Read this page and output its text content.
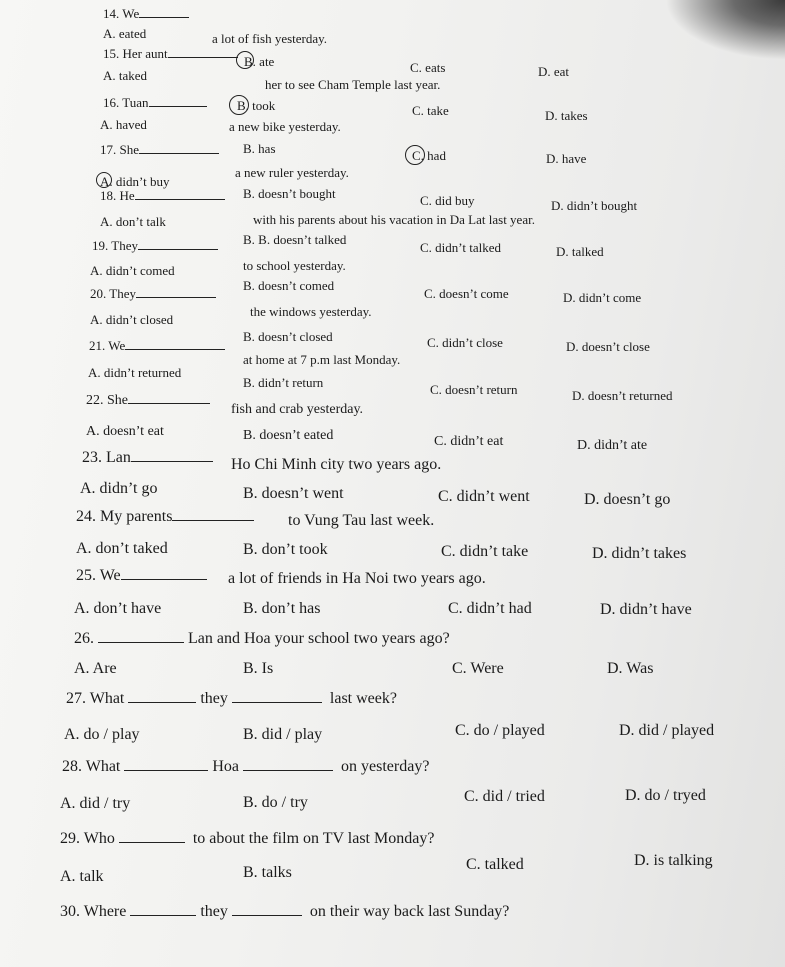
14. We
a lot of fish yesterday.
A. eated
B. ate	C. eats	D. eat
15. Her aunt
her to see Cham Temple last year.
A. taked
B. took	C. take	D. takes
16. Tuan
a new bike yesterday.
A. haved
B. has	C. had	D. have
17. She
a new ruler yesterday.
A. didn’t buy
B. doesn’t bought	C. did buy	D. didn’t bought
18. He
with his parents about his vacation in Da Lat last year.
A. don’t talk
B. B. doesn’t talked
C. didn’t talked	D. talked
19. They
to school yesterday.
A. didn’t comed
B. doesn’t comed
C. doesn’t come	D. didn’t come
20. They
the windows yesterday.
A. didn’t closed
B. doesn’t closed	C. didn’t close	D. doesn’t close
21. We
at home at 7 p.m last Monday.
A. didn’t returned
B. didn’t return	C. doesn’t return	D. doesn’t returned
22. She
fish and crab yesterday.
A. doesn’t eat	B. doesn’t eated	C. didn’t eat	D. didn’t ate
23. Lan	Ho Chi Minh city two years ago.
A. didn’t go	B. doesn’t went	C. didn’t went	D. doesn’t go
24. My parents	to Vung Tau last week.
A. don’t taked	B. don’t took	C. didn’t take	D. didn’t takes
25. We	a lot of friends in Ha Noi two years ago.
A. don’t have	B. don’t has	C. didn’t had	D. didn’t have
26.	Lan and Hoa your school two years ago?
A. Are	B. Is	C. Were	D. Was
27. What	they	last week?
A. do / play	B. did / play	C. do / played	D. did / played
28. What	Hoa	on yesterday?
A. did / try	B. do / try	C. did / tried	D. do / tryed
29. Who	to about the film on TV last Monday?
A. talk	B. talks	C. talked	D. is talking
30. Where	they	on their way back last Sunday?
